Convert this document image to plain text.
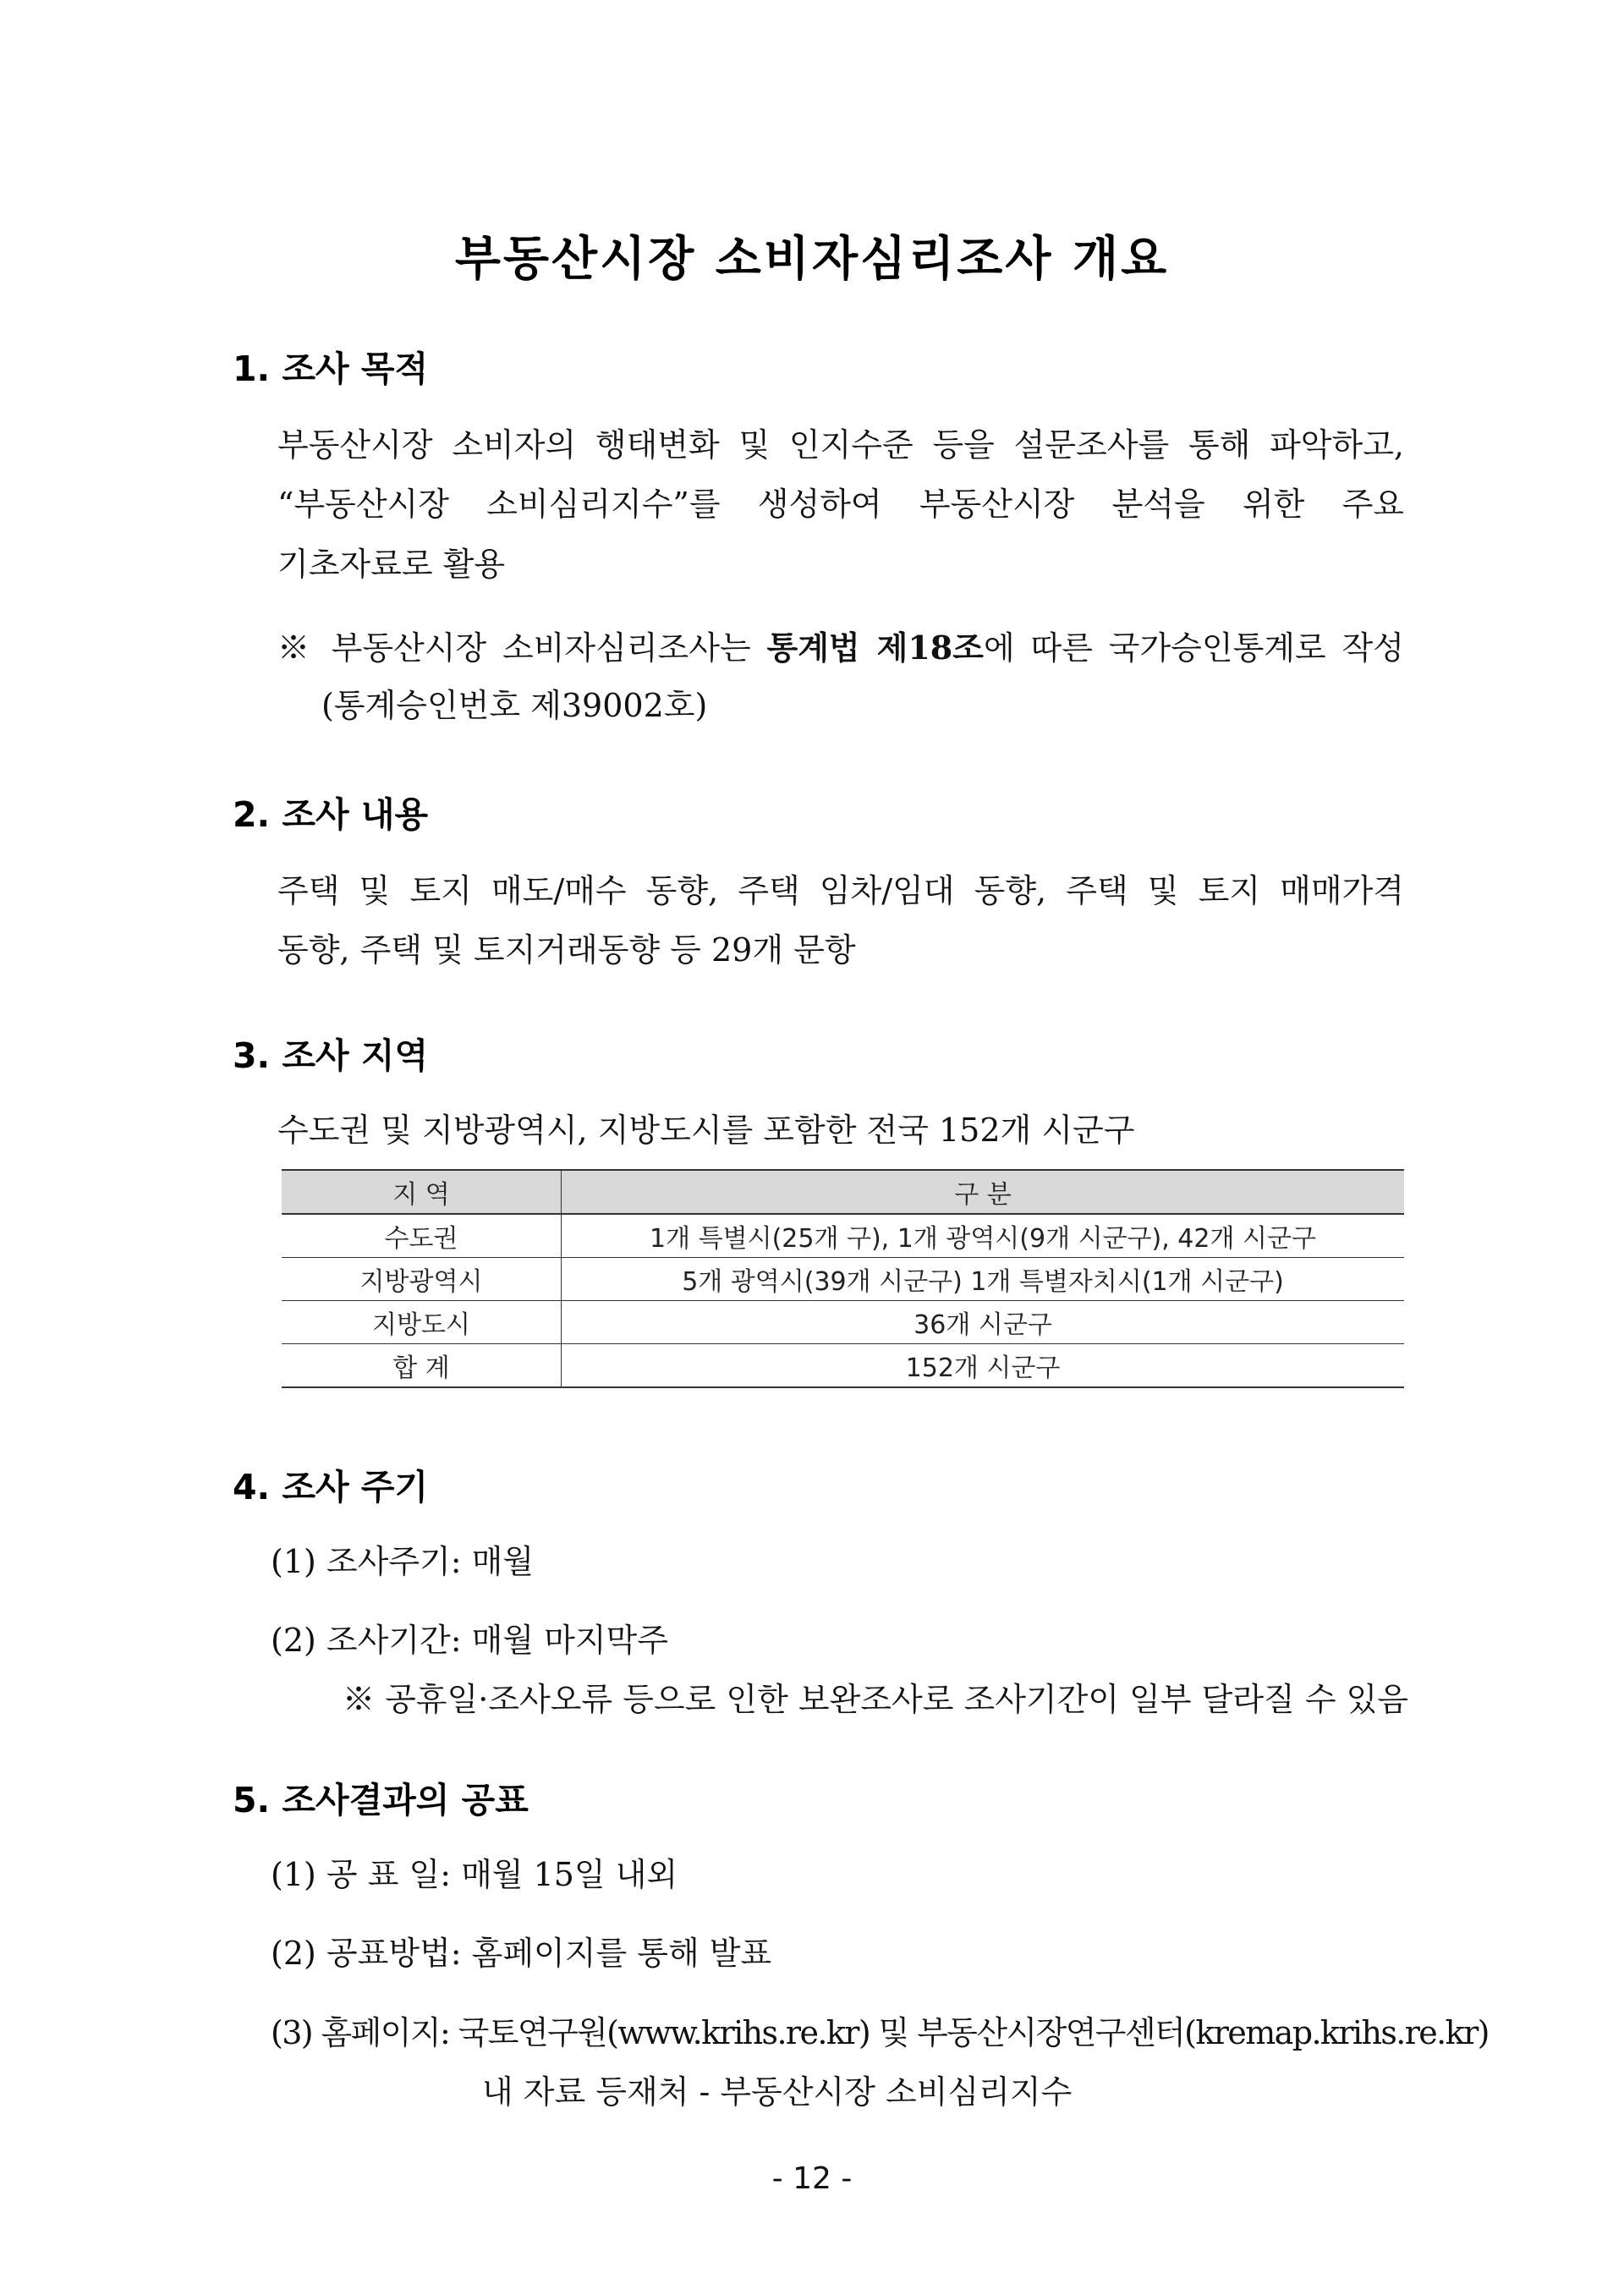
부동산시장 소비자심리조사 개요
1. 조사 목적
부동산시장 소비자의 행태변화 및 인지수준 등을 설문조사를 통해 파악하고,
“부동산시장 소비심리지수”를 생성하여 부동산시장 분석을 위한 주요
기초자료로 활용
※ 부동산시장 소비자심리조사는 통계법 제18조에 따른 국가승인통계로 작성
(통계승인번호 제39002호)
2. 조사 내용
주택 및 토지 매도/매수 동향, 주택 임차/임대 동향, 주택 및 토지 매매가격
동향, 주택 및 토지거래동향 등 29개 문항
3. 조사 지역
수도권 및 지방광역시, 지방도시를 포함한 전국 152개 시군구
지 역	구 분
수도권	1개 특별시(25개 구), 1개 광역시(9개 시군구), 42개 시군구
지방광역시	5개 광역시(39개 시군구) 1개 특별자치시(1개 시군구)
지방도시	36개 시군구
합 계	152개 시군구
4. 조사 주기
(1) 조사주기: 매월
(2) 조사기간: 매월 마지막주
※ 공휴일·조사오류 등으로 인한 보완조사로 조사기간이 일부 달라질 수 있음
5. 조사결과의 공표
(1) 공 표 일: 매월 15일 내외
(2) 공표방법: 홈페이지를 통해 발표
(3) 홈페이지: 국토연구원(www.krihs.re.kr) 및 부동산시장연구센터(kremap.krihs.re.kr)
내 자료 등재처 - 부동산시장 소비심리지수
- 12 -
